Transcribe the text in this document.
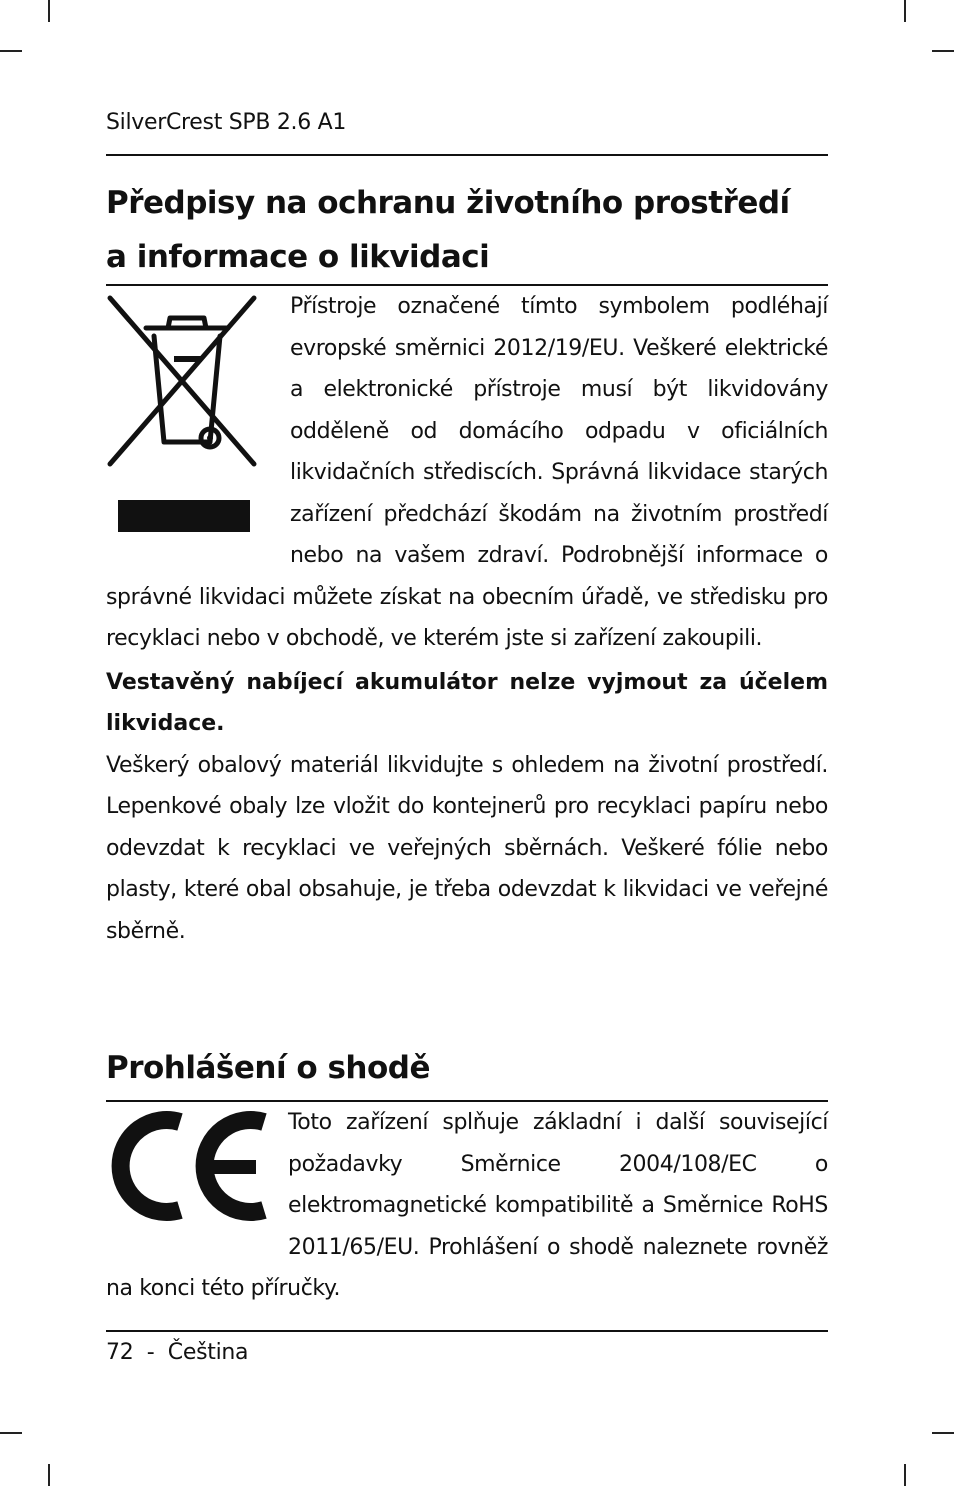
SilverCrest SPB 2.6 A1
Předpisy na ochranu životního prostředí
a informace o likvidaci

Přístroje označené tímto symbolem podléhají evropské směrnici 2012/19/EU. Veškeré elektrické a elektronické přístroje musí být likvidovány odděleně od domácího odpadu v oficiálních likvidačních střediscích. Správná likvidace starých zařízení předchází škodám na životním prostředí nebo na vašem zdraví. Podrobnější informace o správné likvidaci můžete získat na obecním úřadě, ve středisku pro recyklaci nebo v obchodě, ve kterém jste si zařízení zakoupili.

Vestavěný nabíjecí akumulátor nelze vyjmout za účelem likvidace.

Veškerý obalový materiál likvidujte s ohledem na životní prostředí. Lepenkové obaly lze vložit do kontejnerů pro recyklaci papíru nebo odevzdat k recyklaci ve veřejných sběrnách. Veškeré fólie nebo plasty, které obal obsahuje, je třeba odevzdat k likvidaci ve veřejné sběrně.

Prohlášení o shodě

Toto zařízení splňuje základní i další související požadavky Směrnice 2004/108/EC o elektromagnetické kompatibilitě a Směrnice RoHS 2011/65/EU. Prohlášení o shodě naleznete rovněž na konci této příručky.

72  -  Čeština
